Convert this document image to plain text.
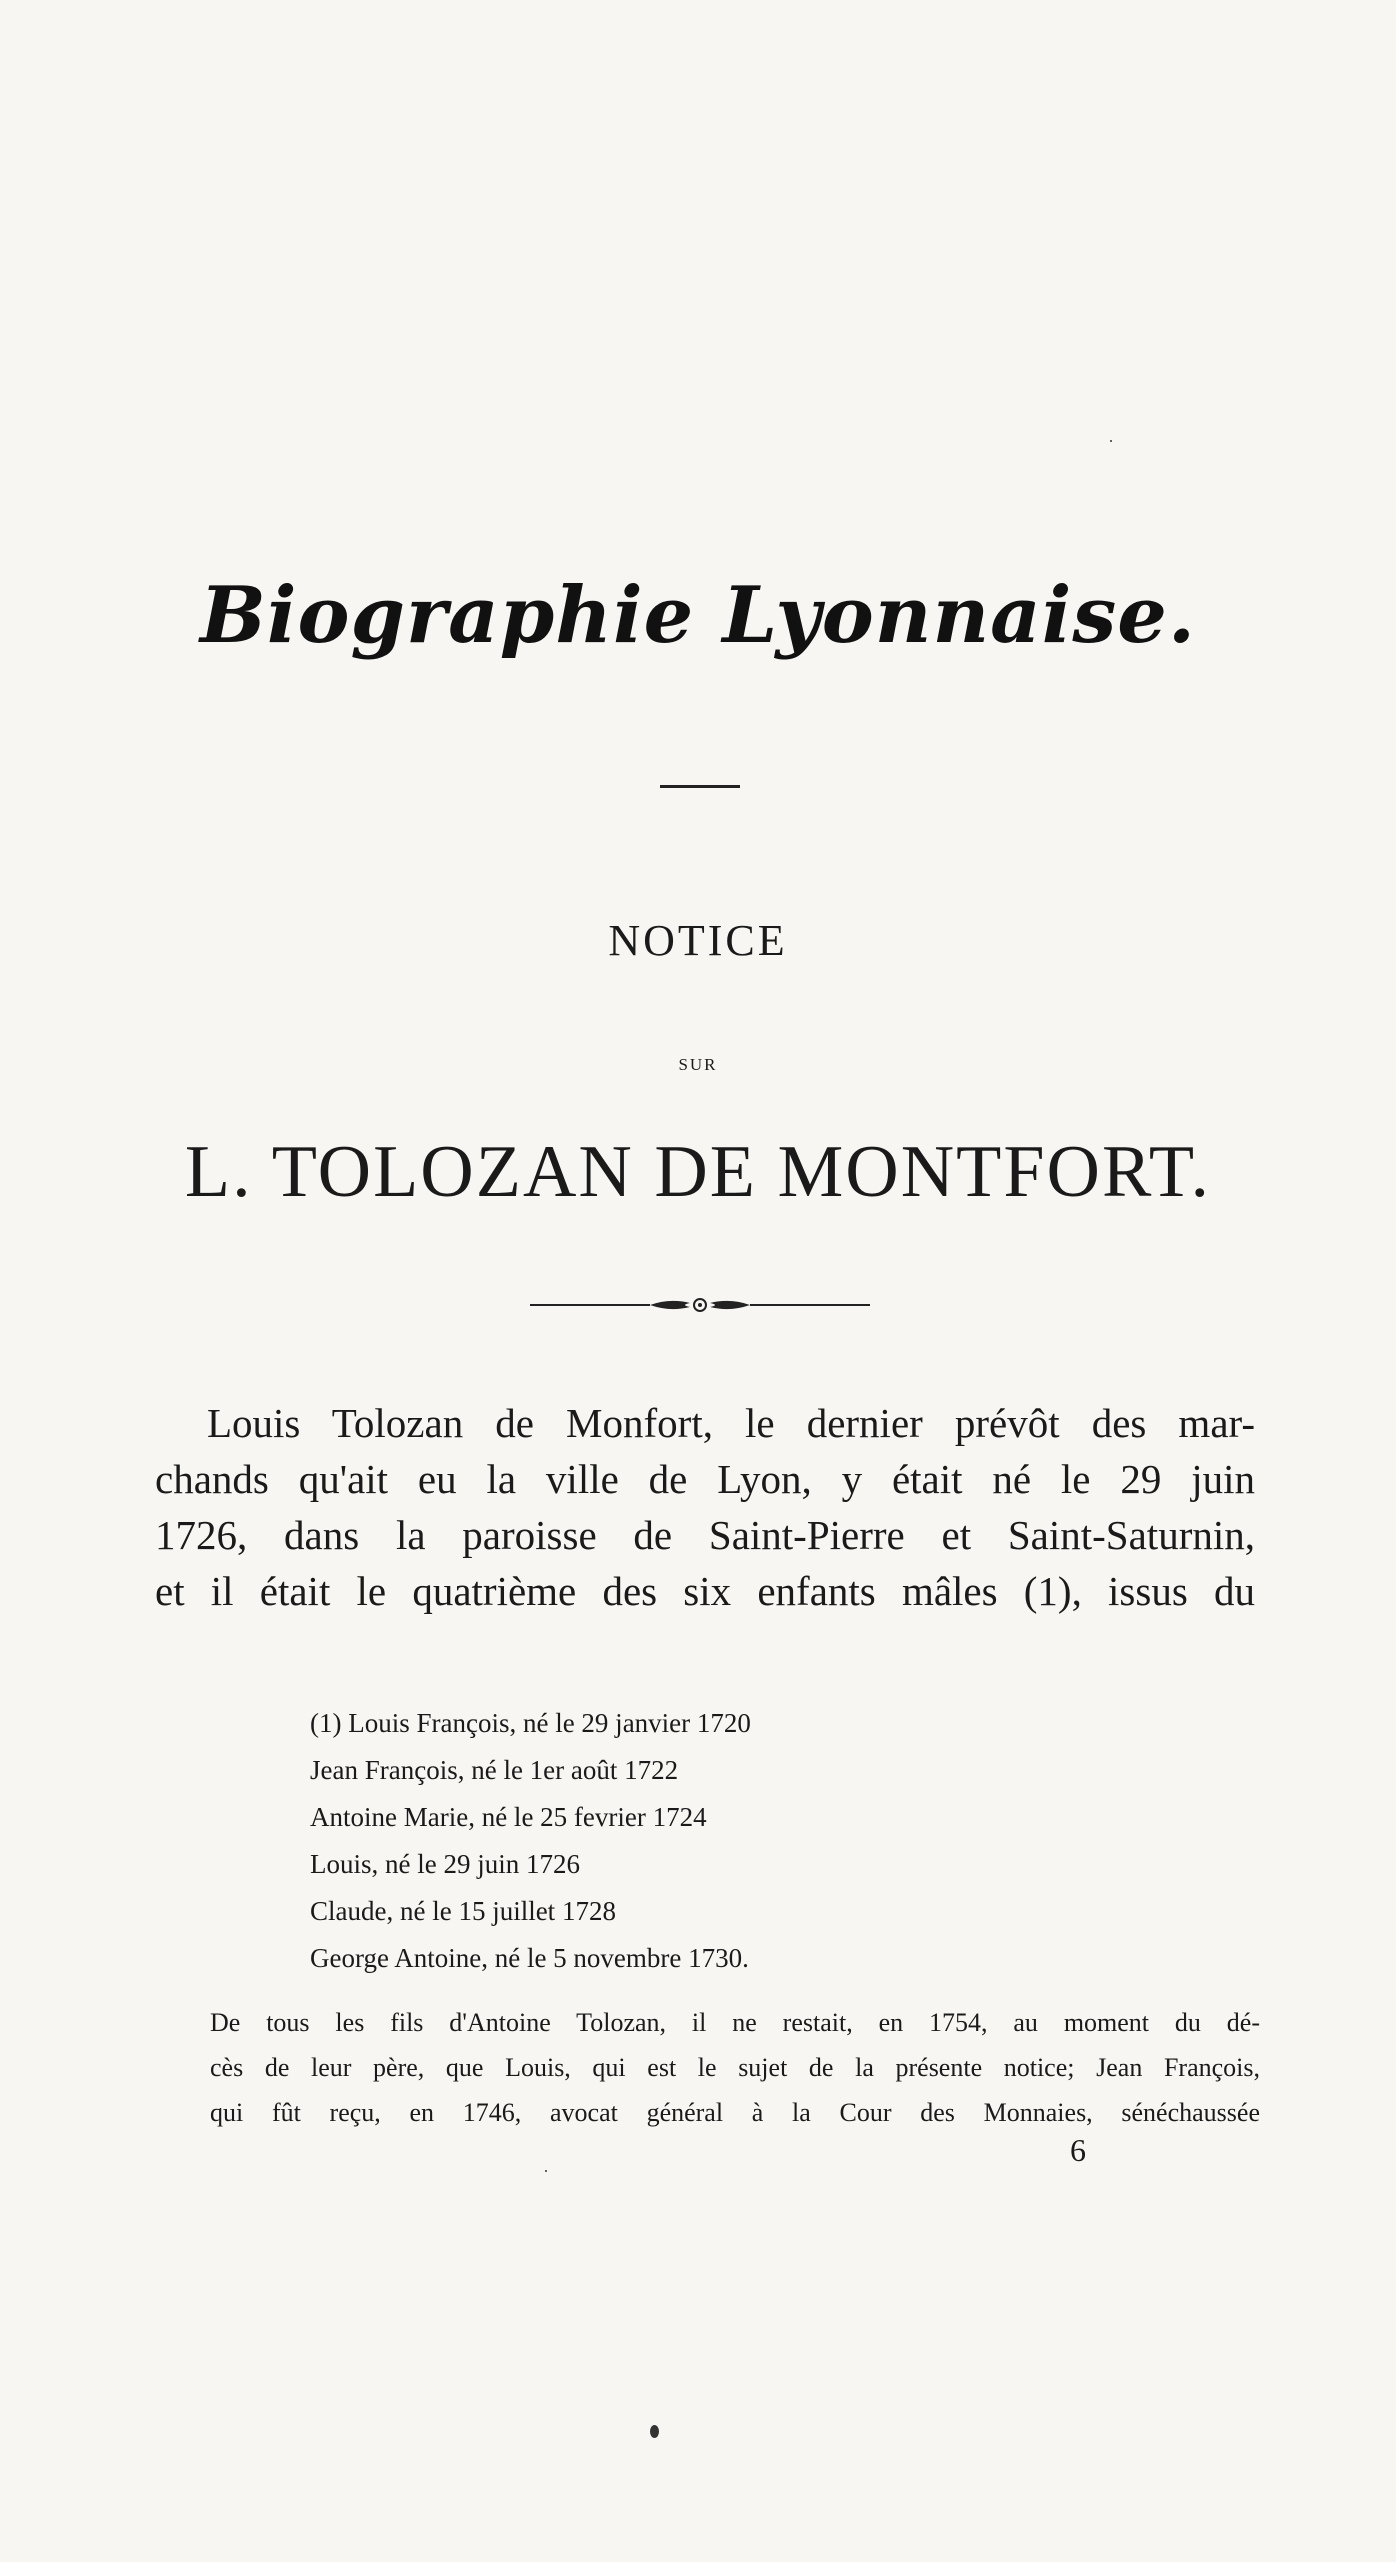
Biographie Lyonnaise.
NOTICE
SUR
L. TOLOZAN DE MONTFORT.
Louis Tolozan de Monfort, le dernier prévôt des mar-
chands qu'ait eu la ville de Lyon, y était né le 29 juin
1726, dans la paroisse de Saint-Pierre et Saint-Saturnin,
et il était le quatrième des six enfants mâles (1), issus du
(1) Louis François, né le 29 janvier 1720
Jean François, né le 1er août 1722
Antoine Marie, né le 25 fevrier 1724
Louis, né le 29 juin 1726
Claude, né le 15 juillet 1728
George Antoine, né le 5 novembre 1730.
De tous les fils d'Antoine Tolozan, il ne restait, en 1754, au moment du dé-
cès de leur père, que Louis, qui est le sujet de la présente notice; Jean François,
qui fût reçu, en 1746, avocat général à la Cour des Monnaies, sénéchaussée
6
